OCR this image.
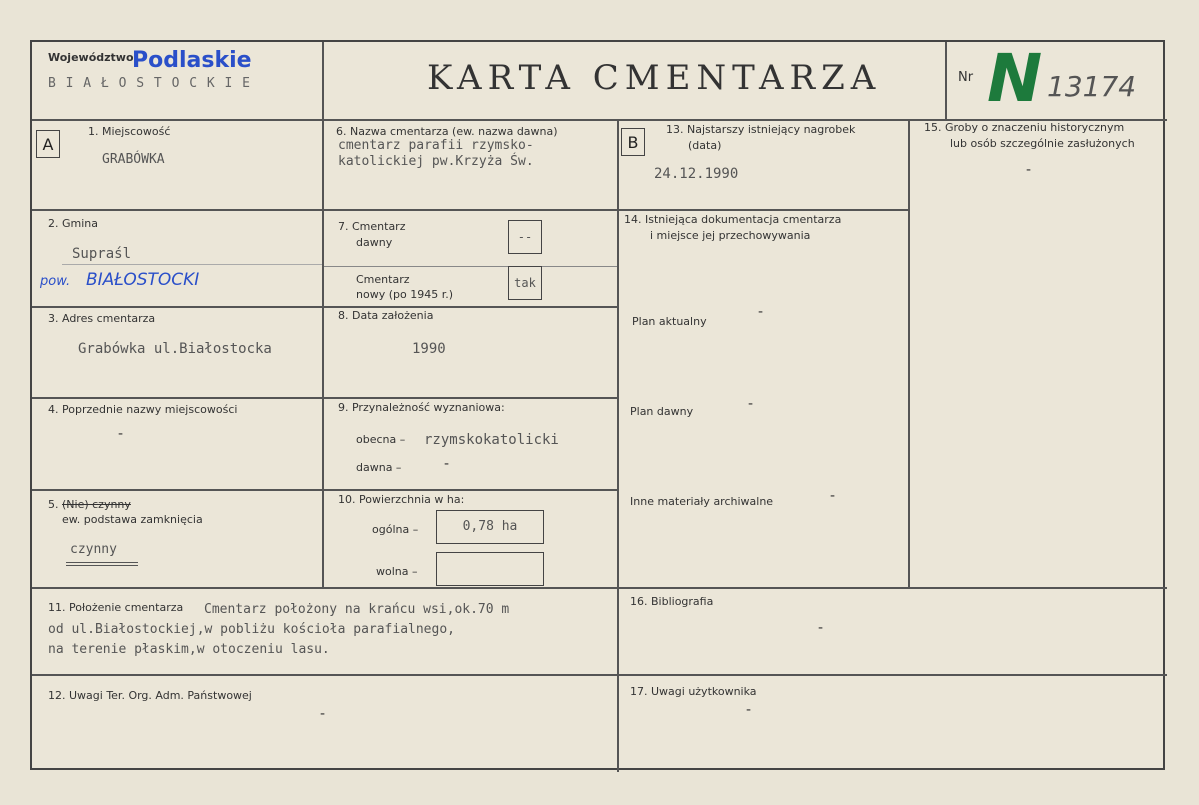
Województwo
Podlaskie
B I A Ł O S T O C K I E	KARTA CMENTARZA	Nr N 13174
A	B
1. Miejscowość
GRABÓWKA
2. Gmina
Supraśl
pow. BIAŁOSTOCKI
3. Adres cmentarza
Grabówka ul.Białostocka
4. Poprzednie nazwy miejscowości
-
5. (Nie) czynny
ew. podstawa zamknięcia
czynny
6. Nazwa cmentarza (ew. nazwa dawna)
cmentarz parafii rzymsko-
katolickiej pw.Krzyża Św.
7. Cmentarz
dawny	--
Cmentarz
nowy (po 1945 r.)
tak
8. Data założenia
1990
9. Przynależność wyznaniowa:
obecna – rzymskokatolicki
dawna –	-
10. Powierzchnia w ha:
ogólna –	0,78 ha
wolna –
11. Położenie cmentarza Cmentarz położony na krańcu wsi,ok.70 m
od ul.Białostockiej,w pobliżu kościoła parafialnego,
na terenie płaskim,w otoczeniu lasu.
12. Uwagi Ter. Org. Adm. Państwowej
-
13. Najstarszy istniejący nagrobek
(data)
24.12.1990
14. Istniejąca dokumentacja cmentarza
i miejsce jej przechowywania
Plan aktualny
-
Plan dawny	-
Inne materiały archiwalne	-
15. Groby o znaczeniu historycznym
lub osób szczególnie zasłużonych
-
16. Bibliografia
-
17. Uwagi użytkownika
-
